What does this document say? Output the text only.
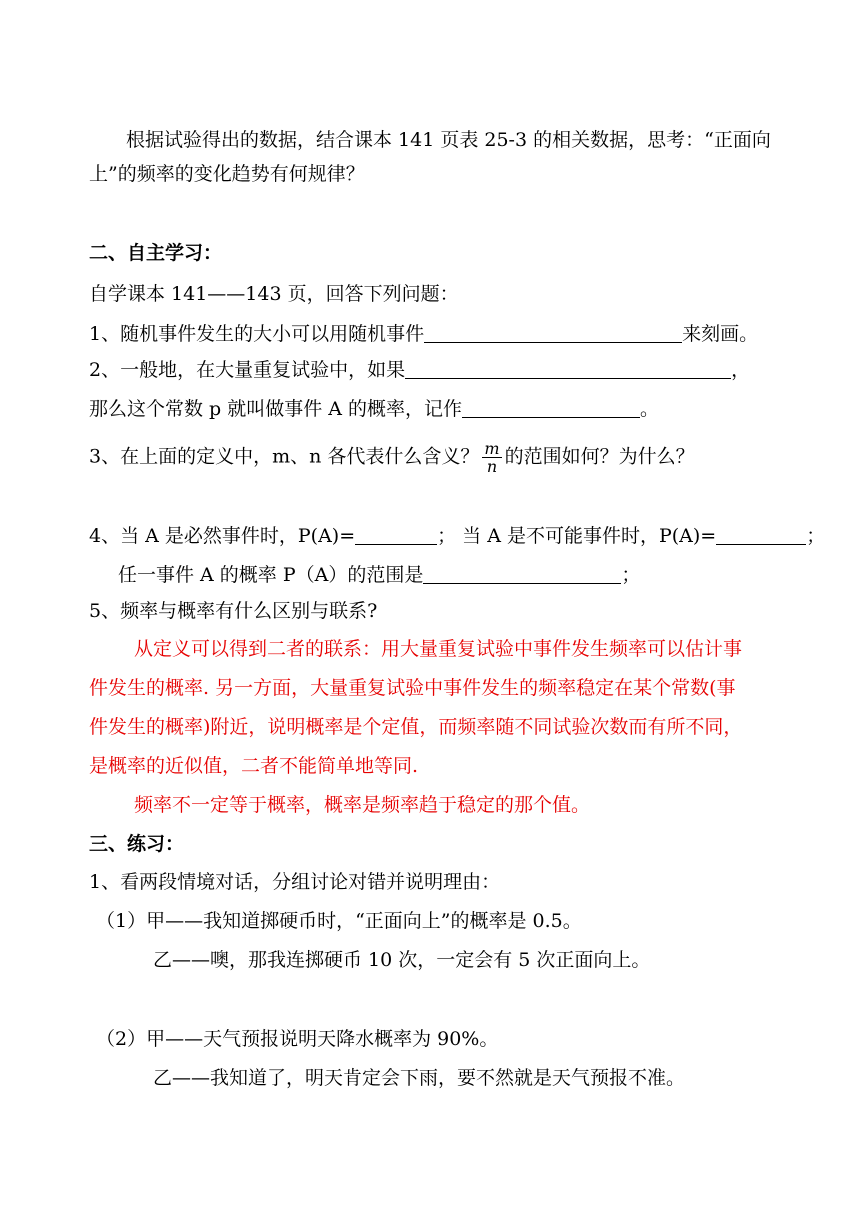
根据试验得出的数据，结合课本 141 页表 25-3 的相关数据，思考：“正面向
上”的频率的变化趋势有何规律？
二、自主学习：
自学课本 141——143 页，回答下列问题：
1、随机事件发生的大小可以用随机事件	来刻画。
2、一般地，在大量重复试验中，如果	，
那么这个常数 p 就叫做事件 A 的概率，记作	。
3、在上面的定义中，m、n 各代表什么含义？ $\frac{m}{n}$ 的范围如何？为什么？
4、当 A 是必然事件时，P(A)=	； 当 A 是不可能事件时，P(A)=	；
任一事件 A 的概率 P（A）的范围是	；
5、频率与概率有什么区别与联系?
从定义可以得到二者的联系：用大量重复试验中事件发生频率可以估计事
件发生的概率. 另一方面，大量重复试验中事件发生的频率稳定在某个常数(事
件发生的概率)附近，说明概率是个定值，而频率随不同试验次数而有所不同，
是概率的近似值，二者不能简单地等同.
频率不一定等于概率，概率是频率趋于稳定的那个值。
三、练习：
1、看两段情境对话，分组讨论对错并说明理由：
（1）甲——我知道掷硬币时，“正面向上”的概率是 0.5。
乙——噢，那我连掷硬币 10 次，一定会有 5 次正面向上。
（2）甲——天气预报说明天降水概率为 90%。
乙——我知道了，明天肯定会下雨，要不然就是天气预报不准。
